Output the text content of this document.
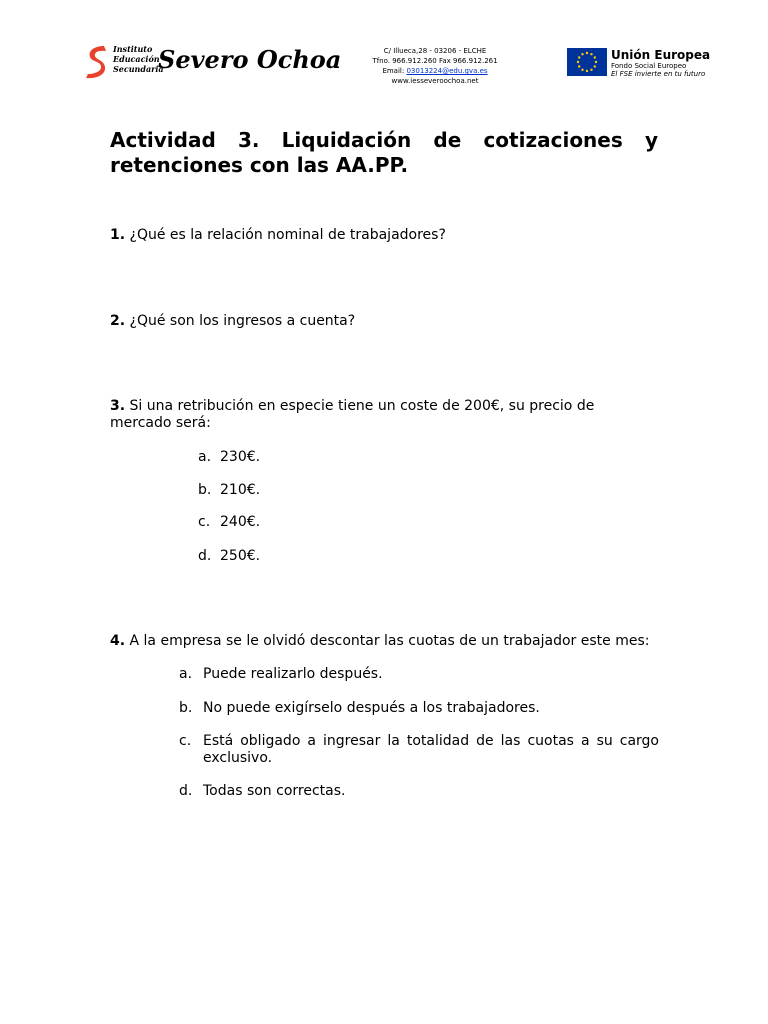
Instituto
Educación
Secundaria
Severo Ochoa	C/ Illueca,28 - 03206 - ELCHE
Tfno. 966.912.260 Fax 966.912.261
Email: 03013224@edu.gva.es
www.iesseveroochoa.net
Unión Europea
Fondo Social Europeo
El FSE invierte en tu futuro
Actividad 3. Liquidación de cotizaciones y retenciones con las AA.PP.
1. ¿Qué es la relación nominal de trabajadores?
2. ¿Qué son los ingresos a cuenta?
3. Si una retribución en especie tiene un coste de 200€, su precio de mercado será:
a. 230€.
b. 210€.
c. 240€.
d. 250€.
4. A la empresa se le olvidó descontar las cuotas de un trabajador este mes:
a. Puede realizarlo después.
b. No puede exigírselo después a los trabajadores.
c. Está obligado a ingresar la totalidad de las cuotas a su cargo exclusivo.
d. Todas son correctas.
